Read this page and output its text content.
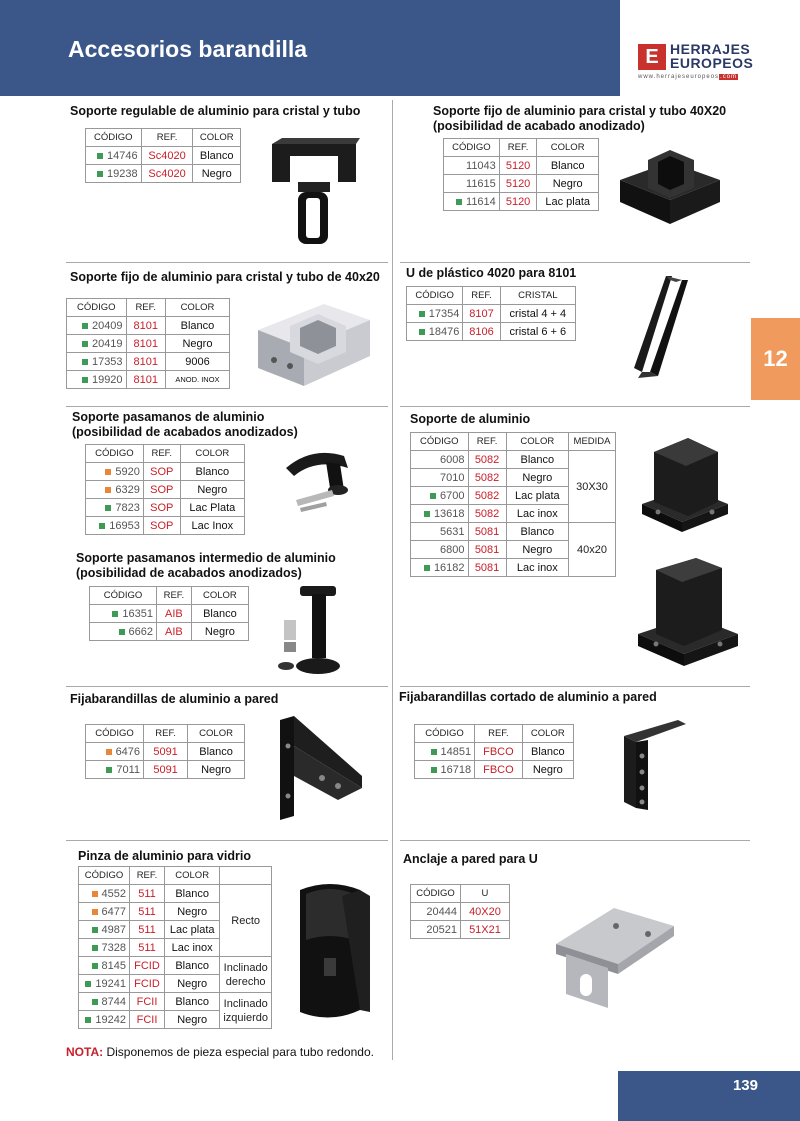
Accesorios barandilla	E HERRAJES
EUROPEOS
www.herrajeseuropeos.com
12
Soporte regulable de aluminio para cristal y tubo
CÓDIGO	REF.	COLOR
14746	Sc4020	Blanco
19238	Sc4020	Negro
Soporte fijo de aluminio para cristal y tubo 40X20
(posibilidad de acabado anodizado)
CÓDIGO	REF.	COLOR
11043	5120	Blanco
11615	5120	Negro
11614	5120	Lac plata
Soporte fijo de aluminio para cristal y tubo de 40x20
CÓDIGO	REF.	COLOR
20409	8101	Blanco
20419	8101	Negro
17353	8101	9006
19920	8101	ANOD. INOX
U de plástico 4020 para 8101
CÓDIGO	REF.	CRISTAL
17354	8107	cristal 4 + 4
18476	8106	cristal 6 + 6
Soporte pasamanos de aluminio
(posibilidad de acabados anodizados)
CÓDIGO	REF.	COLOR
5920	SOP	Blanco
6329	SOP	Negro
7823	SOP	Lac Plata
16953	SOP	Lac Inox
Soporte pasamanos intermedio de aluminio
(posibilidad de acabados anodizados)
CÓDIGO	REF.	COLOR
16351	AIB	Blanco
6662	AIB	Negro
Soporte de aluminio
CÓDIGO	REF.	COLOR	MEDIDA
6008	5082	Blanco	30X30
7010	5082	Negro	
6700	5082	Lac plata	
13618	5082	Lac inox	
5631	5081	Blanco	40x20
6800	5081	Negro	
16182	5081	Lac inox	
Fijabarandillas de aluminio a pared
CÓDIGO	REF.	COLOR
6476	5091	Blanco
7011	5091	Negro
Fijabarandillas cortado de aluminio a pared
CÓDIGO	REF.	COLOR
14851	FBCO	Blanco
16718	FBCO	Negro
Pinza de aluminio para vidrio
CÓDIGO	REF.	COLOR	
4552	511	Blanco	Recto
6477	511	Negro	
4987	511	Lac plata	
7328	511	Lac inox	
8145	FCID	Blanco	Inclinado derecho
19241	FCID	Negro	
8744	FCII	Blanco	Inclinado izquierdo
19242	FCII	Negro	
Anclaje a pared para U
CÓDIGO	U
20444	40X20
20521	51X21
NOTA: Disponemos de pieza especial para tubo redondo.
139
